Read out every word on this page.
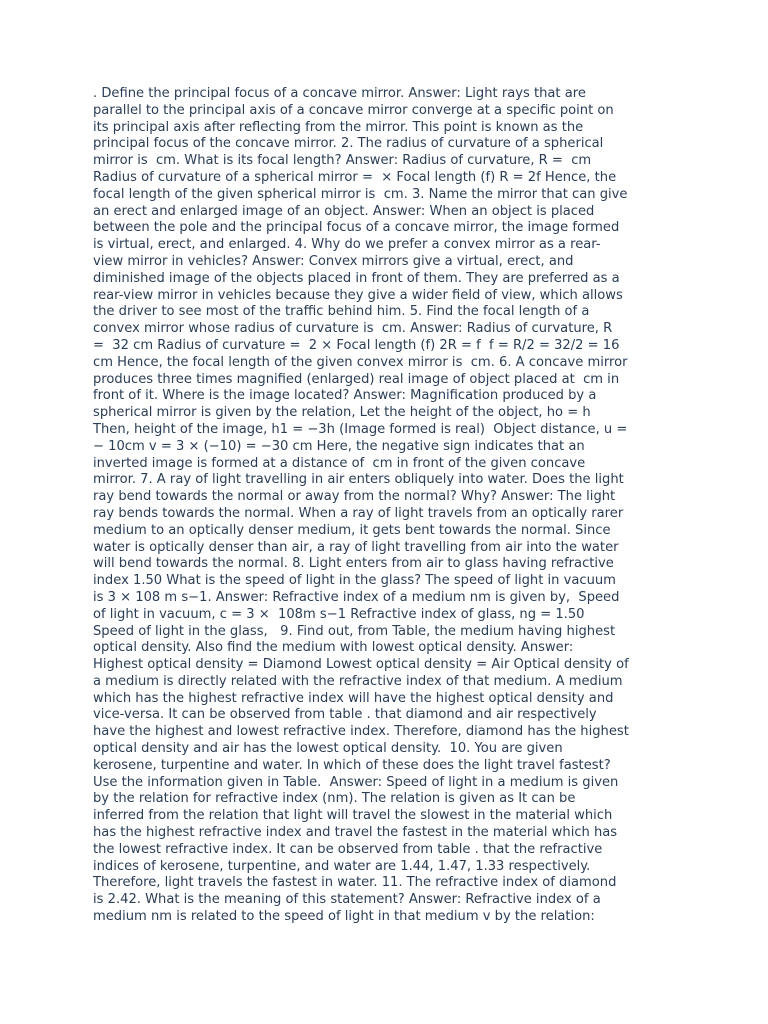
. Define the principal focus of a concave mirror. Answer: Light rays that are
parallel to the principal axis of a concave mirror converge at a specific point on
its principal axis after reflecting from the mirror. This point is known as the
principal focus of the concave mirror. 2. The radius of curvature of a spherical
mirror is  cm. What is its focal length? Answer: Radius of curvature, R =  cm
Radius of curvature of a spherical mirror =  × Focal length (f) R = 2f Hence, the
focal length of the given spherical mirror is  cm. 3. Name the mirror that can give
an erect and enlarged image of an object. Answer: When an object is placed
between the pole and the principal focus of a concave mirror, the image formed
is virtual, erect, and enlarged. 4. Why do we prefer a convex mirror as a rear-
view mirror in vehicles? Answer: Convex mirrors give a virtual, erect, and
diminished image of the objects placed in front of them. They are preferred as a
rear-view mirror in vehicles because they give a wider field of view, which allows
the driver to see most of the traffic behind him. 5. Find the focal length of a
convex mirror whose radius of curvature is  cm. Answer: Radius of curvature, R
=  32 cm Radius of curvature =  2 × Focal length (f) 2R = f  f = R/2 = 32/2 = 16
cm Hence, the focal length of the given convex mirror is  cm. 6. A concave mirror
produces three times magnified (enlarged) real image of object placed at  cm in
front of it. Where is the image located? Answer: Magnification produced by a
spherical mirror is given by the relation, Let the height of the object, ho = h
Then, height of the image, h1 = −3h (Image formed is real)  Object distance, u =
− 10cm v = 3 × (−10) = −30 cm Here, the negative sign indicates that an
inverted image is formed at a distance of  cm in front of the given concave
mirror. 7. A ray of light travelling in air enters obliquely into water. Does the light
ray bend towards the normal or away from the normal? Why? Answer: The light
ray bends towards the normal. When a ray of light travels from an optically rarer
medium to an optically denser medium, it gets bent towards the normal. Since
water is optically denser than air, a ray of light travelling from air into the water
will bend towards the normal. 8. Light enters from air to glass having refractive
index 1.50 What is the speed of light in the glass? The speed of light in vacuum
is 3 × 108 m s−1. Answer: Refractive index of a medium nm is given by,  Speed
of light in vacuum, c = 3 ×  108m s−1 Refractive index of glass, ng = 1.50
Speed of light in the glass,   9. Find out, from Table, the medium having highest
optical density. Also find the medium with lowest optical density. Answer:
Highest optical density = Diamond Lowest optical density = Air Optical density of
a medium is directly related with the refractive index of that medium. A medium
which has the highest refractive index will have the highest optical density and
vice-versa. It can be observed from table . that diamond and air respectively
have the highest and lowest refractive index. Therefore, diamond has the highest
optical density and air has the lowest optical density.  10. You are given
kerosene, turpentine and water. In which of these does the light travel fastest?
Use the information given in Table.  Answer: Speed of light in a medium is given
by the relation for refractive index (nm). The relation is given as It can be
inferred from the relation that light will travel the slowest in the material which
has the highest refractive index and travel the fastest in the material which has
the lowest refractive index. It can be observed from table . that the refractive
indices of kerosene, turpentine, and water are 1.44, 1.47, 1.33 respectively.
Therefore, light travels the fastest in water. 11. The refractive index of diamond
is 2.42. What is the meaning of this statement? Answer: Refractive index of a
medium nm is related to the speed of light in that medium v by the relation:
